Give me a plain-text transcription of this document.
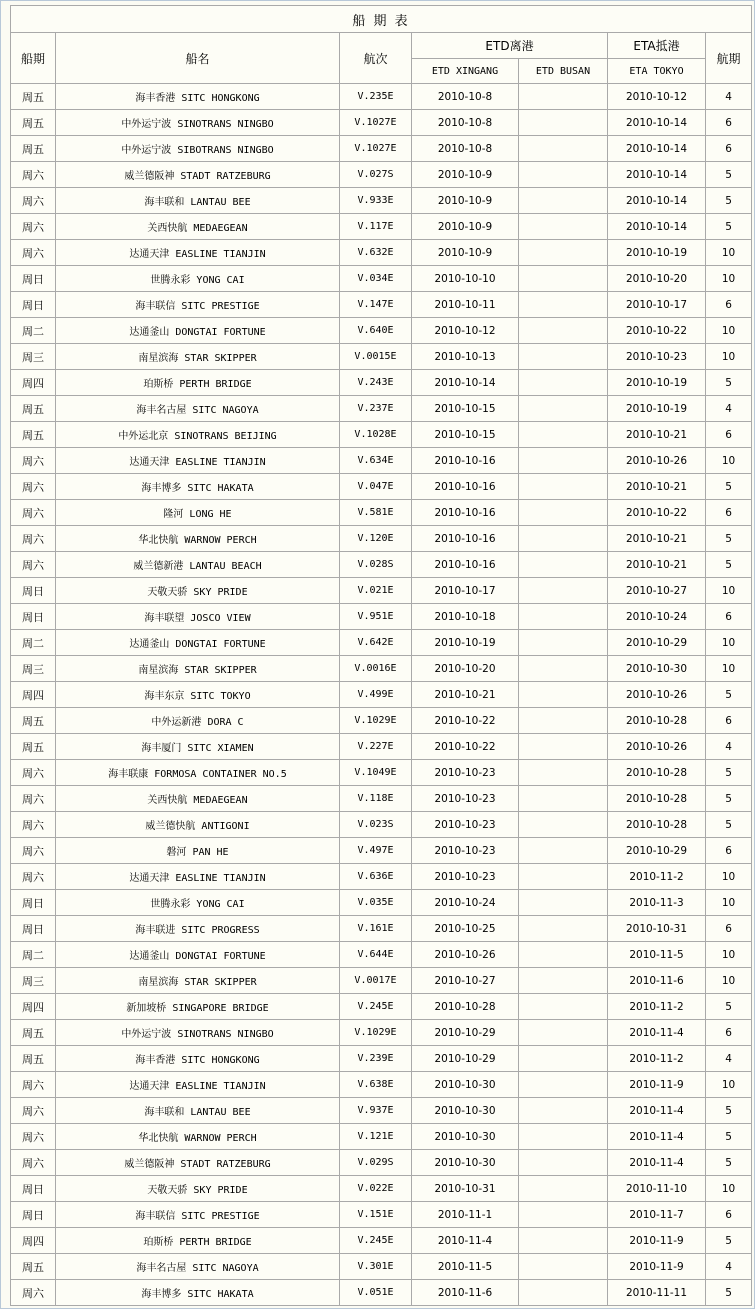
船 期 表						
船期	船名	航次	ETD离港		ETA抵港	航期
			ETD XINGANG	ETD BUSAN	ETA TOKYO	
周五	海丰香港 SITC HONGKONG	V.235E	2010-10-8		2010-10-12	4
周五	中外运宁波 SINOTRANS NINGBO	V.1027E	2010-10-8		2010-10-14	6
周五	中外运宁波 SIBOTRANS NINGBO	V.1027E	2010-10-8		2010-10-14	6
周六	威兰德阪神 STADT RATZEBURG	V.027S	2010-10-9		2010-10-14	5
周六	海丰联和 LANTAU BEE	V.933E	2010-10-9		2010-10-14	5
周六	关西快航 MEDAEGEAN	V.117E	2010-10-9		2010-10-14	5
周六	达通天津 EASLINE TIANJIN	V.632E	2010-10-9		2010-10-19	10
周日	世腾永彩 YONG CAI	V.034E	2010-10-10		2010-10-20	10
周日	海丰联信 SITC PRESTIGE	V.147E	2010-10-11		2010-10-17	6
周二	达通釜山 DONGTAI FORTUNE	V.640E	2010-10-12		2010-10-22	10
周三	南星滨海 STAR SKIPPER	V.0015E	2010-10-13		2010-10-23	10
周四	珀斯桥 PERTH BRIDGE	V.243E	2010-10-14		2010-10-19	5
周五	海丰名古屋 SITC NAGOYA	V.237E	2010-10-15		2010-10-19	4
周五	中外运北京 SINOTRANS BEIJING	V.1028E	2010-10-15		2010-10-21	6
周六	达通天津 EASLINE TIANJIN	V.634E	2010-10-16		2010-10-26	10
周六	海丰博多 SITC HAKATA	V.047E	2010-10-16		2010-10-21	5
周六	隆河 LONG HE	V.581E	2010-10-16		2010-10-22	6
周六	华北快航 WARNOW PERCH	V.120E	2010-10-16		2010-10-21	5
周六	威兰德新港 LANTAU BEACH	V.028S	2010-10-16		2010-10-21	5
周日	天敬天骄 SKY PRIDE	V.021E	2010-10-17		2010-10-27	10
周日	海丰联望 JOSCO VIEW	V.951E	2010-10-18		2010-10-24	6
周二	达通釜山 DONGTAI FORTUNE	V.642E	2010-10-19		2010-10-29	10
周三	南星滨海 STAR SKIPPER	V.0016E	2010-10-20		2010-10-30	10
周四	海丰东京 SITC TOKYO	V.499E	2010-10-21		2010-10-26	5
周五	中外运新港 DORA C	V.1029E	2010-10-22		2010-10-28	6
周五	海丰厦门 SITC XIAMEN	V.227E	2010-10-22		2010-10-26	4
周六	海丰联康 FORMOSA CONTAINER NO.5	V.1049E	2010-10-23		2010-10-28	5
周六	关西快航 MEDAEGEAN	V.118E	2010-10-23		2010-10-28	5
周六	威兰德快航 ANTIGONI	V.023S	2010-10-23		2010-10-28	5
周六	磐河 PAN HE	V.497E	2010-10-23		2010-10-29	6
周六	达通天津 EASLINE TIANJIN	V.636E	2010-10-23		2010-11-2	10
周日	世腾永彩 YONG CAI	V.035E	2010-10-24		2010-11-3	10
周日	海丰联进 SITC PROGRESS	V.161E	2010-10-25		2010-10-31	6
周二	达通釜山 DONGTAI FORTUNE	V.644E	2010-10-26		2010-11-5	10
周三	南星滨海 STAR SKIPPER	V.0017E	2010-10-27		2010-11-6	10
周四	新加坡桥 SINGAPORE BRIDGE	V.245E	2010-10-28		2010-11-2	5
周五	中外运宁波 SINOTRANS NINGBO	V.1029E	2010-10-29		2010-11-4	6
周五	海丰香港 SITC HONGKONG	V.239E	2010-10-29		2010-11-2	4
周六	达通天津 EASLINE TIANJIN	V.638E	2010-10-30		2010-11-9	10
周六	海丰联和 LANTAU BEE	V.937E	2010-10-30		2010-11-4	5
周六	华北快航 WARNOW PERCH	V.121E	2010-10-30		2010-11-4	5
周六	威兰德阪神 STADT RATZEBURG	V.029S	2010-10-30		2010-11-4	5
周日	天敬天骄 SKY PRIDE	V.022E	2010-10-31		2010-11-10	10
周日	海丰联信 SITC PRESTIGE	V.151E	2010-11-1		2010-11-7	6
周四	珀斯桥 PERTH BRIDGE	V.245E	2010-11-4		2010-11-9	5
周五	海丰名古屋 SITC NAGOYA	V.301E	2010-11-5		2010-11-9	4
周六	海丰博多 SITC HAKATA	V.051E	2010-11-6		2010-11-11	5
